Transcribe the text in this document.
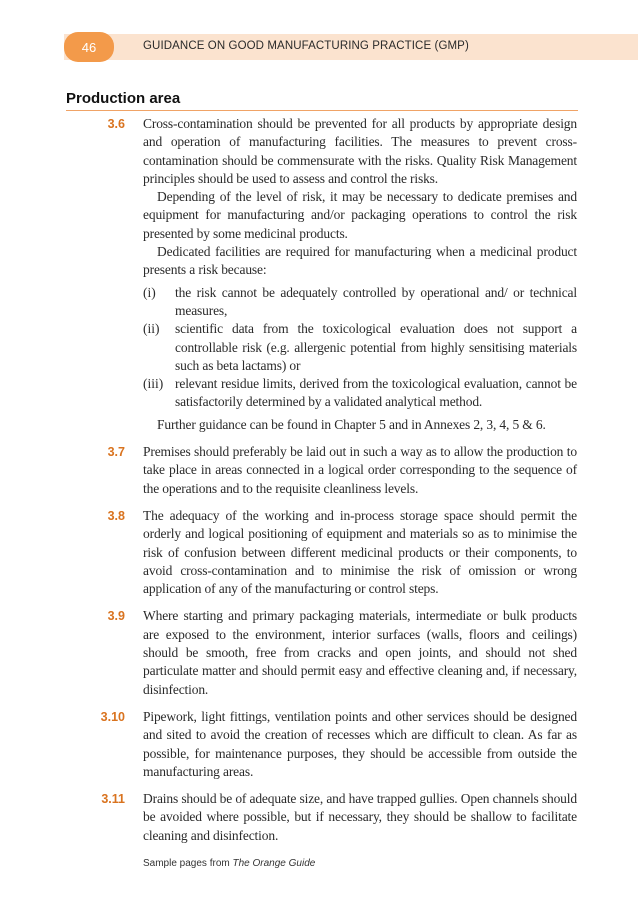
46	GUIDANCE ON GOOD MANUFACTURING PRACTICE (GMP)
Production area
3.6 Cross-contamination should be prevented for all products by appropriate design and operation of manufacturing facilities. The measures to prevent cross-contamination should be commensurate with the risks. Quality Risk Management principles should be used to assess and control the risks.

Depending of the level of risk, it may be necessary to dedicate premises and equipment for manufacturing and/or packaging operations to control the risk presented by some medicinal products.

Dedicated facilities are required for manufacturing when a medicinal product presents a risk because:

(i)	the risk cannot be adequately controlled by operational and/ or technical measures,
(ii)	scientific data from the toxicological evaluation does not support a controllable risk (e.g. allergenic potential from highly sensitising materials such as beta lactams) or
(iii) relevant residue limits, derived from the toxicological evaluation, cannot be satisfactorily determined by a validated analytical method.

Further guidance can be found in Chapter 5 and in Annexes 2, 3, 4, 5 & 6.

3.7 Premises should preferably be laid out in such a way as to allow the production to take place in areas connected in a logical order corresponding to the sequence of the operations and to the requisite cleanliness levels.

3.8 The adequacy of the working and in-process storage space should permit the orderly and logical positioning of equipment and materials so as to minimise the risk of confusion between different medicinal products or their components, to avoid cross-contamination and to minimise the risk of omission or wrong application of any of the manufacturing or control steps.

3.9 Where starting and primary packaging materials, intermediate or bulk products are exposed to the environment, interior surfaces (walls, floors and ceilings) should be smooth, free from cracks and open joints, and should not shed particulate matter and should permit easy and effective cleaning and, if necessary, disinfection.

3.10 Pipework, light fittings, ventilation points and other services should be designed and sited to avoid the creation of recesses which are difficult to clean. As far as possible, for maintenance purposes, they should be accessible from outside the manufacturing areas.

3.11 Drains should be of adequate size, and have trapped gullies. Open channels should be avoided where possible, but if necessary, they should be shallow to facilitate cleaning and disinfection.

Sample pages from The Orange Guide
